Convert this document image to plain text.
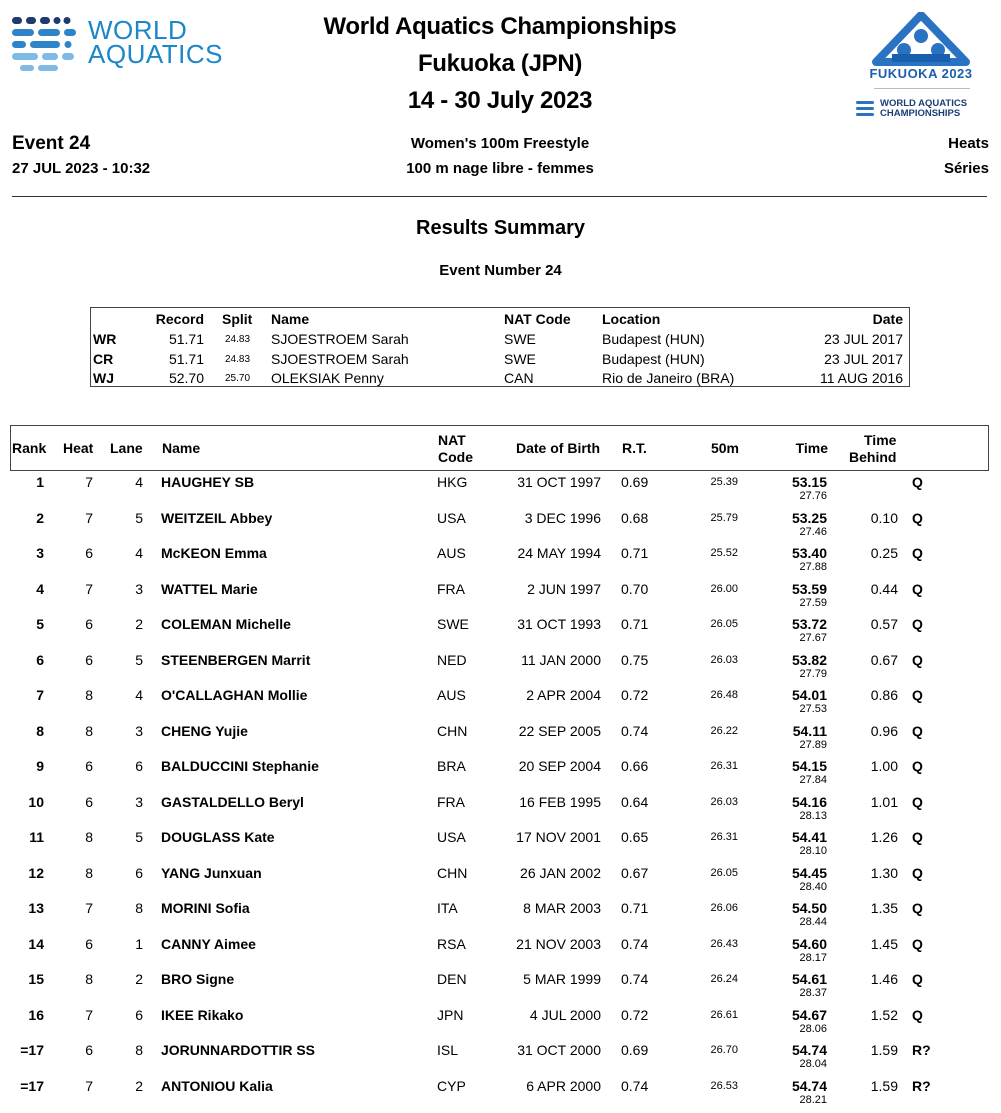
WORLD
AQUATICS
World Aquatics Championships
Fukuoka (JPN)
14 - 30 July 2023
FUKUOKA 2023
WORLD AQUATICS
CHAMPIONSHIPS
Event 24
27 JUL 2023 - 10:32
Women's 100m Freestyle
100 m nage libre - femmes
Heats
Séries
Results Summary
Event Number 24
Record Split Name	NAT Code Location	Date
WR	51.71 24.83 SJOESTROEM Sarah	SWE	Budapest (HUN)	23 JUL 2017
CR	51.71 24.83 SJOESTROEM Sarah	SWE	Budapest (HUN)	23 JUL 2017
WJ	52.70 25.70 OLEKSIAK Penny	CAN	Rio de Janeiro (BRA)	11 AUG 2016
Rank Heat Lane Name	NAT
Code
Date of Birth R.T.	50m	Time	Time
Behind
1	7	4 HAUGHEY SB	HKG	31 OCT 1997 0.69	25.39	53.15
27.76
Q
2	7	5 WEITZEIL Abbey	USA	3 DEC 1996 0.68	25.79	53.25
27.46
0.10 Q
3	6	4 McKEON Emma	AUS	24 MAY 1994 0.71	25.52	53.40
27.88
0.25 Q
4	7	3 WATTEL Marie	FRA	2 JUN 1997 0.70	26.00	53.59
27.59
0.44 Q
5	6	2 COLEMAN Michelle	SWE	31 OCT 1993 0.71	26.05	53.72
27.67
0.57 Q
6	6	5 STEENBERGEN Marrit	NED	11 JAN 2000 0.75	26.03	53.82
27.79
0.67 Q
7	8	4 O'CALLAGHAN Mollie	AUS	2 APR 2004 0.72	26.48	54.01
27.53
0.86 Q
8	8	3 CHENG Yujie	CHN	22 SEP 2005 0.74	26.22	54.11
27.89
0.96 Q
9	6	6 BALDUCCINI Stephanie	BRA	20 SEP 2004 0.66	26.31	54.15
27.84
1.00 Q
10	6	3 GASTALDELLO Beryl	FRA	16 FEB 1995 0.64	26.03	54.16
28.13
1.01 Q
11	8	5 DOUGLASS Kate	USA	17 NOV 2001 0.65	26.31	54.41
28.10
1.26 Q
12	8	6 YANG Junxuan	CHN	26 JAN 2002 0.67	26.05	54.45
28.40
1.30 Q
13	7	8 MORINI Sofia	ITA	8 MAR 2003 0.71	26.06	54.50
28.44
1.35 Q
14	6	1 CANNY Aimee	RSA	21 NOV 2003 0.74	26.43	54.60
28.17
1.45 Q
15	8	2 BRO Signe	DEN	5 MAR 1999 0.74	26.24	54.61
28.37
1.46 Q
16	7	6 IKEE Rikako	JPN	4 JUL 2000 0.72	26.61	54.67
28.06
1.52 Q
=17	6	8 JORUNNARDOTTIR SS	ISL	31 OCT 2000 0.69	26.70	54.74
28.04
1.59 R?
=17	7	2 ANTONIOU Kalia	CYP	6 APR 2000 0.74	26.53	54.74
28.21
1.59 R?
